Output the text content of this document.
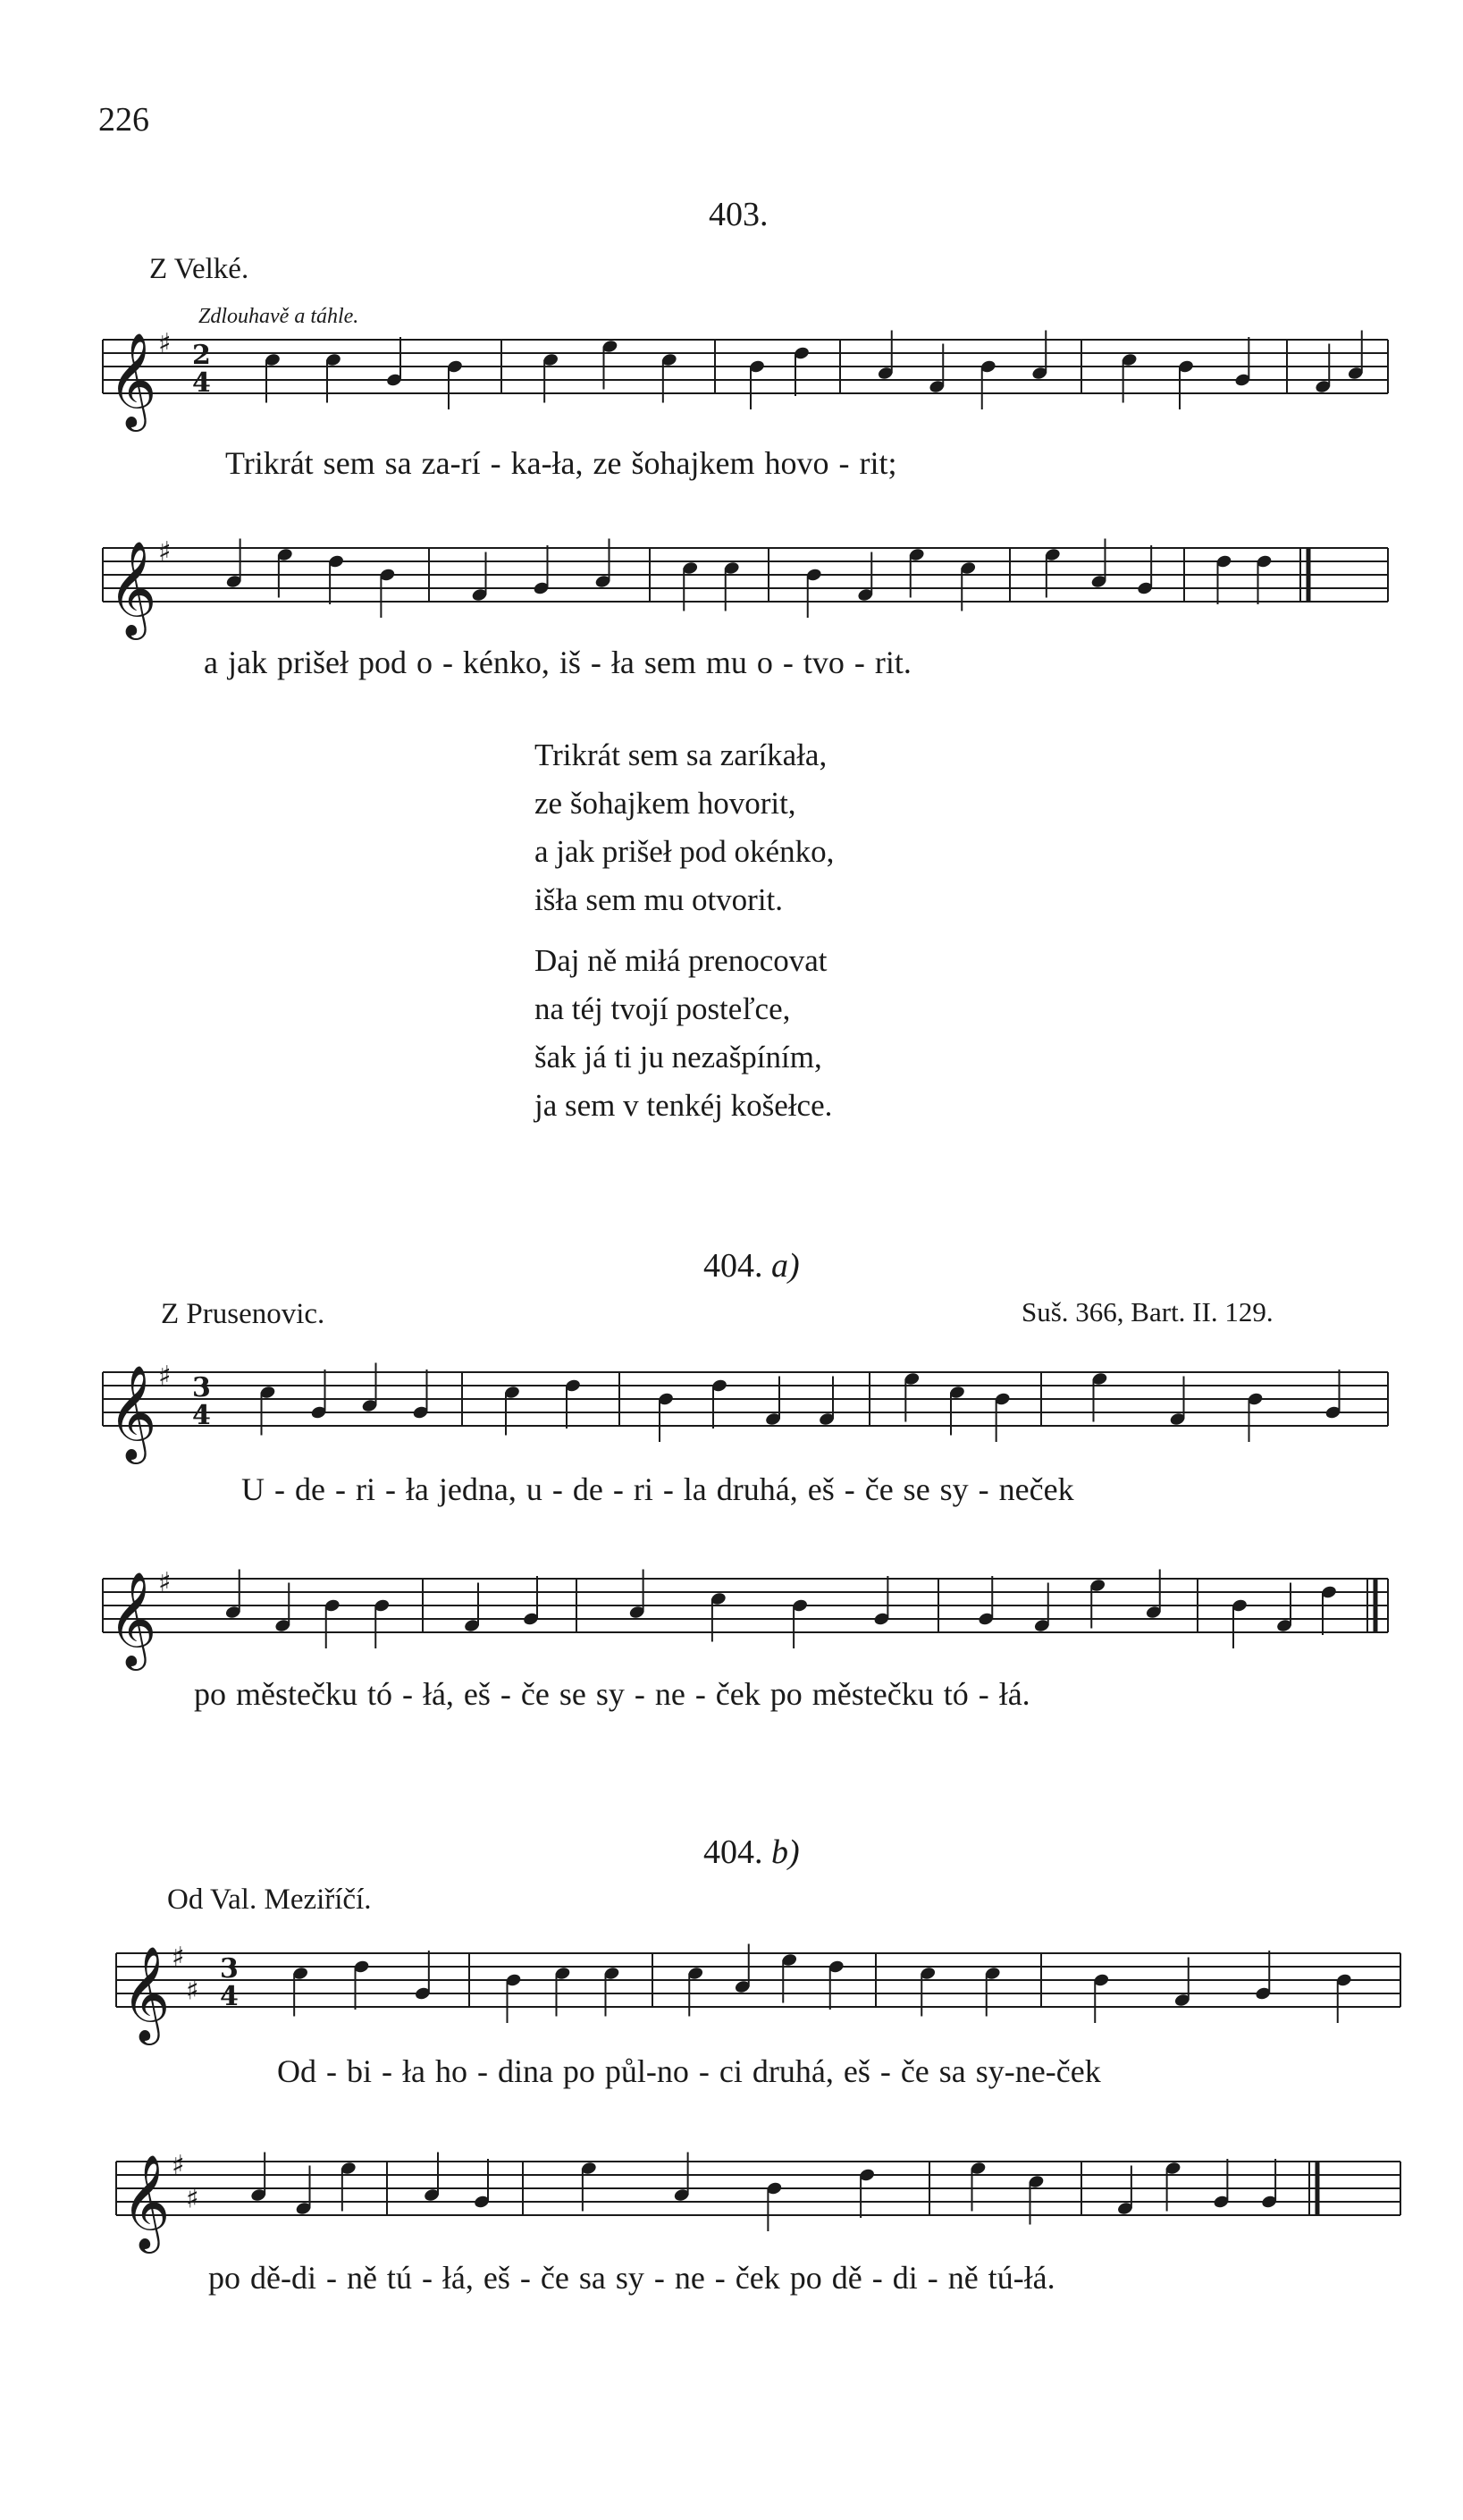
226
403.
Z Velké.
Zdlouhavě a táhle.
𝄞 ♯ 2
4
Trikrát sem sa za-rí - ka-ła, ze šohajkem hovo - rit;
𝄞 ♯
a jak prišeł pod o - kénko, iš - ła sem mu o - tvo - rit.
Trikrát sem sa zaríkała,
ze šohajkem hovorit,
a jak prišeł pod okénko,
išła sem mu otvorit.
Daj ně miłá prenocovat
na téj tvojí posteľce,
šak já ti ju nezašpíním,
ja sem v tenkéj košełce.
404. a)
Z Prusenovic.	Suš. 366, Bart. II. 129.
𝄞 ♯ 3
4
U - de - ri - ła jedna, u - de - ri - la druhá, eš - če se sy - neček
𝄞 ♯
po městečku tó - łá, eš - če se sy - ne - ček po městečku tó - łá.
404. b)
Od Val. Meziříčí.
𝄞 ♯
♯
3
4
Od - bi - ła ho - dina po půl-no - ci druhá, eš - če sa sy-ne-ček
𝄞 ♯
♯
po dě-di - ně tú - łá, eš - če sa sy - ne - ček po dě - di - ně tú-łá.
